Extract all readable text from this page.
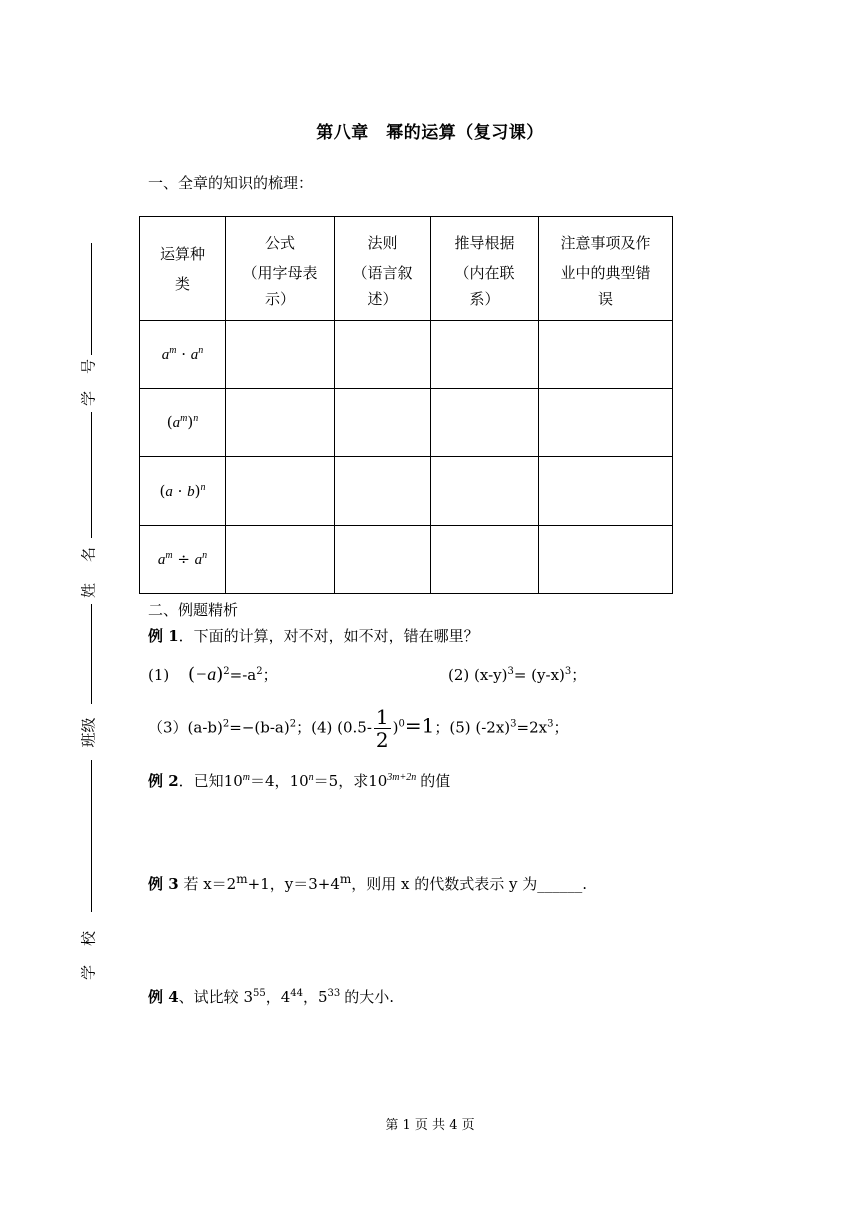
第八章　幂的运算（复习课）
一、全章的知识的梳理：
号
学
名
姓
班级
校
学
运算种
类	公式
（用字母表
示）	法则
（语言叙
述）	推导根据
（内在联
系）	注意事项及作
业中的典型错
误

$a^m \cdot a^n$				
$(a^m)^n$				
$(a \cdot b)^n$				
$a^m \div a^n$				
二、例题精析
例 1．下面的计算，对不对，如不对，错在哪里？
(1) $(-a)^2=-a^2$；	(2) $(x-y)^3= (y-x)^3$；
$(3)(a-b)^2=-(b-a)^2$；(4) $(0.5- \frac{1}{2} )^0=1$；(5) $(-2x)^3=2x^3$；
例 2．已知$10^m=4$，$10^n=5$，求$10^{3m+2n}$ 的值
例 3 若 $x=2^m+1$，$y=3+4^m$，则用 x 的代数式表示 y 为______.
例 4、试比较 $3^{55}$，$4^{44}$，$5^{33}$ 的大小.
第 1 页 共 4 页
